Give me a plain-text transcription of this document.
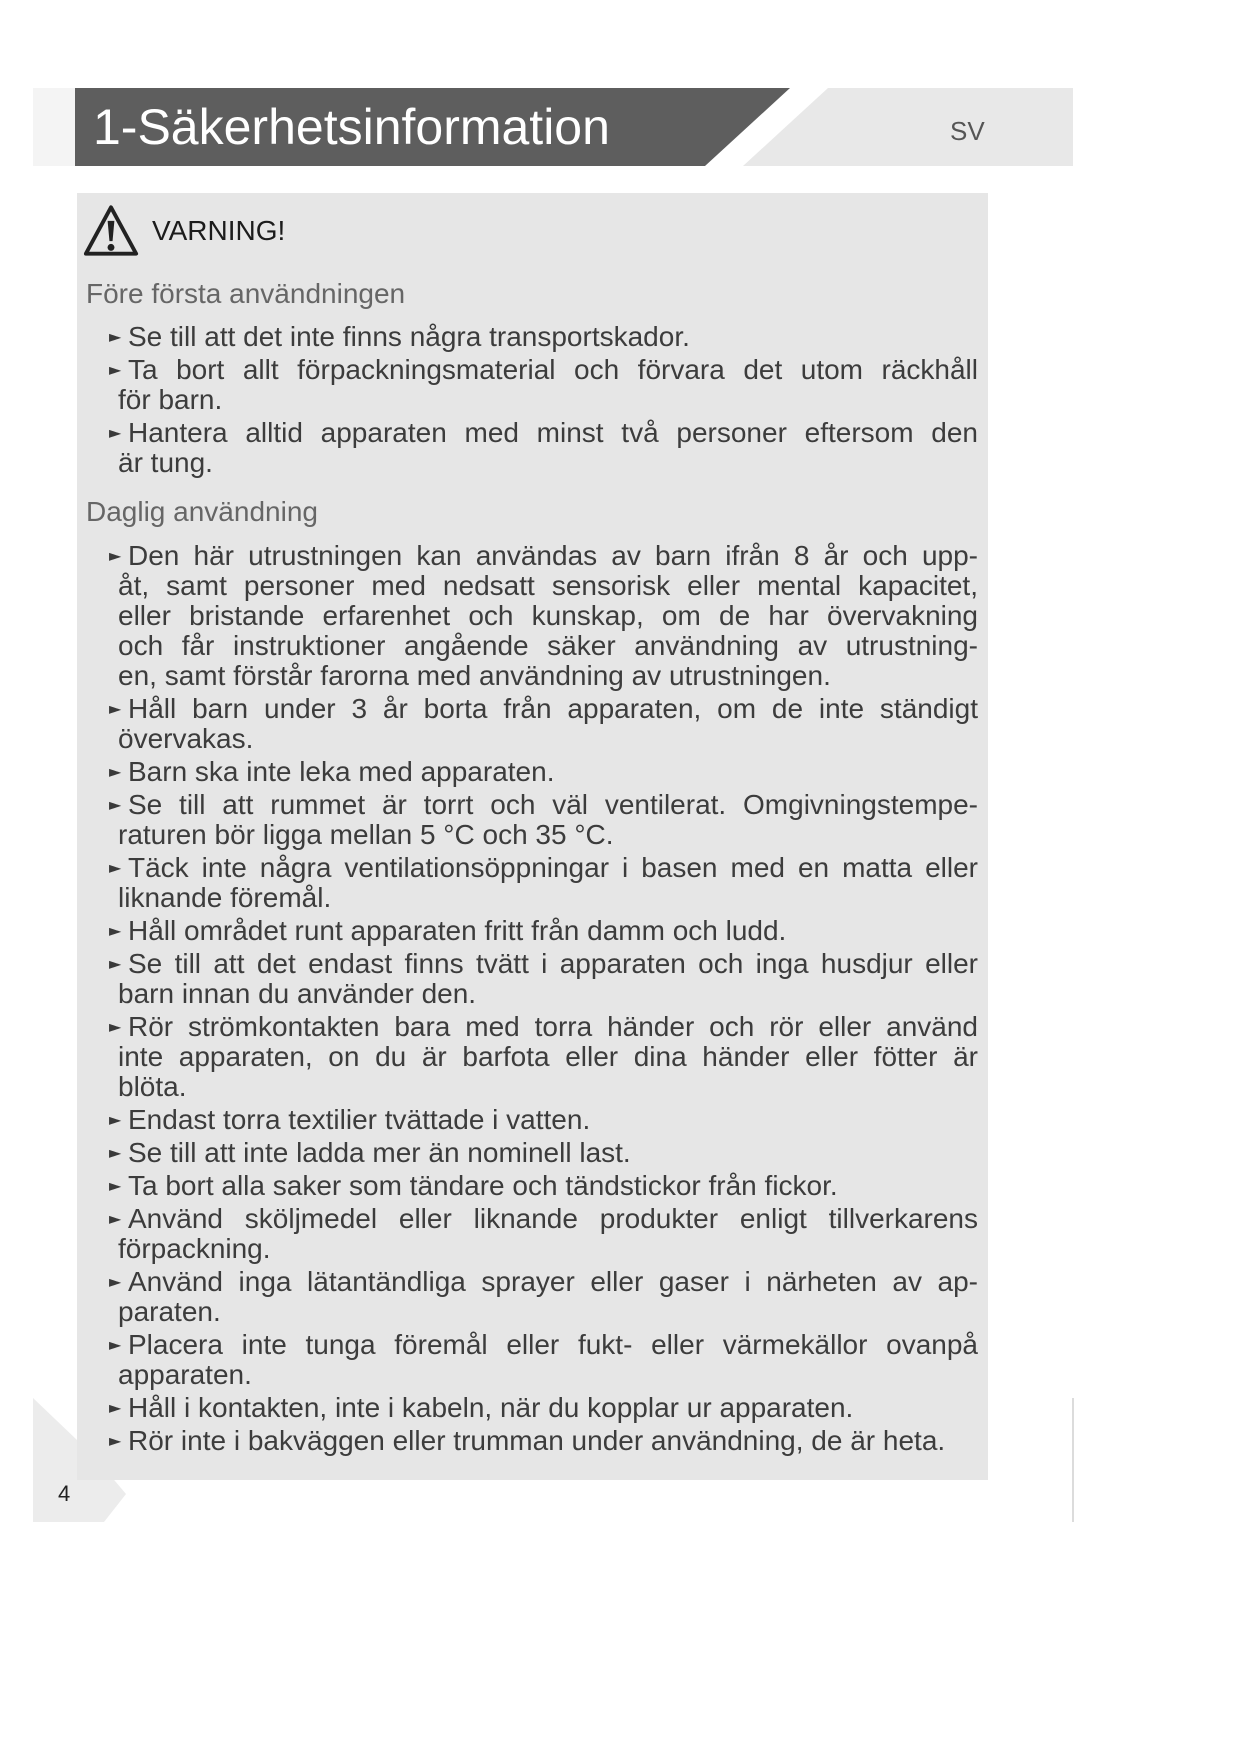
1-Säkerhetsinformation	SV
VARNING!
Före första användningen
► Se till att det inte finns några transportskador.
► Ta bort allt förpackningsmaterial och förvara det utom räckhåll
för barn.
► Hantera alltid apparaten med minst två personer eftersom den
är tung.
Daglig användning
► Den här utrustningen kan användas av barn ifrån 8 år och upp-
åt, samt personer med nedsatt sensorisk eller mental kapacitet,
eller bristande erfarenhet och kunskap, om de har övervakning
och får instruktioner angående säker användning av utrustning-
en, samt förstår farorna med användning av utrustningen.
► Håll barn under 3 år borta från apparaten, om de inte ständigt
övervakas.
► Barn ska inte leka med apparaten.
► Se till att rummet är torrt och väl ventilerat. Omgivningstempe-
raturen bör ligga mellan 5 °C och 35 °C.
► Täck inte några ventilationsöppningar i basen med en matta eller
liknande föremål.
► Håll området runt apparaten fritt från damm och ludd.
► Se till att det endast finns tvätt i apparaten och inga husdjur eller
barn innan du använder den.
► Rör strömkontakten bara med torra händer och rör eller använd
inte apparaten, on du är barfota eller dina händer eller fötter är
blöta.
► Endast torra textilier tvättade i vatten.
► Se till att inte ladda mer än nominell last.
► Ta bort alla saker som tändare och tändstickor från fickor.
► Använd sköljmedel eller liknande produkter enligt tillverkarens
förpackning.
► Använd inga lätantändliga sprayer eller gaser i närheten av ap-
paraten.
► Placera inte tunga föremål eller fukt- eller värmekällor ovanpå
apparaten.
► Håll i kontakten, inte i kabeln, när du kopplar ur apparaten.
► Rör inte i bakväggen eller trumman under användning, de är heta.
4
